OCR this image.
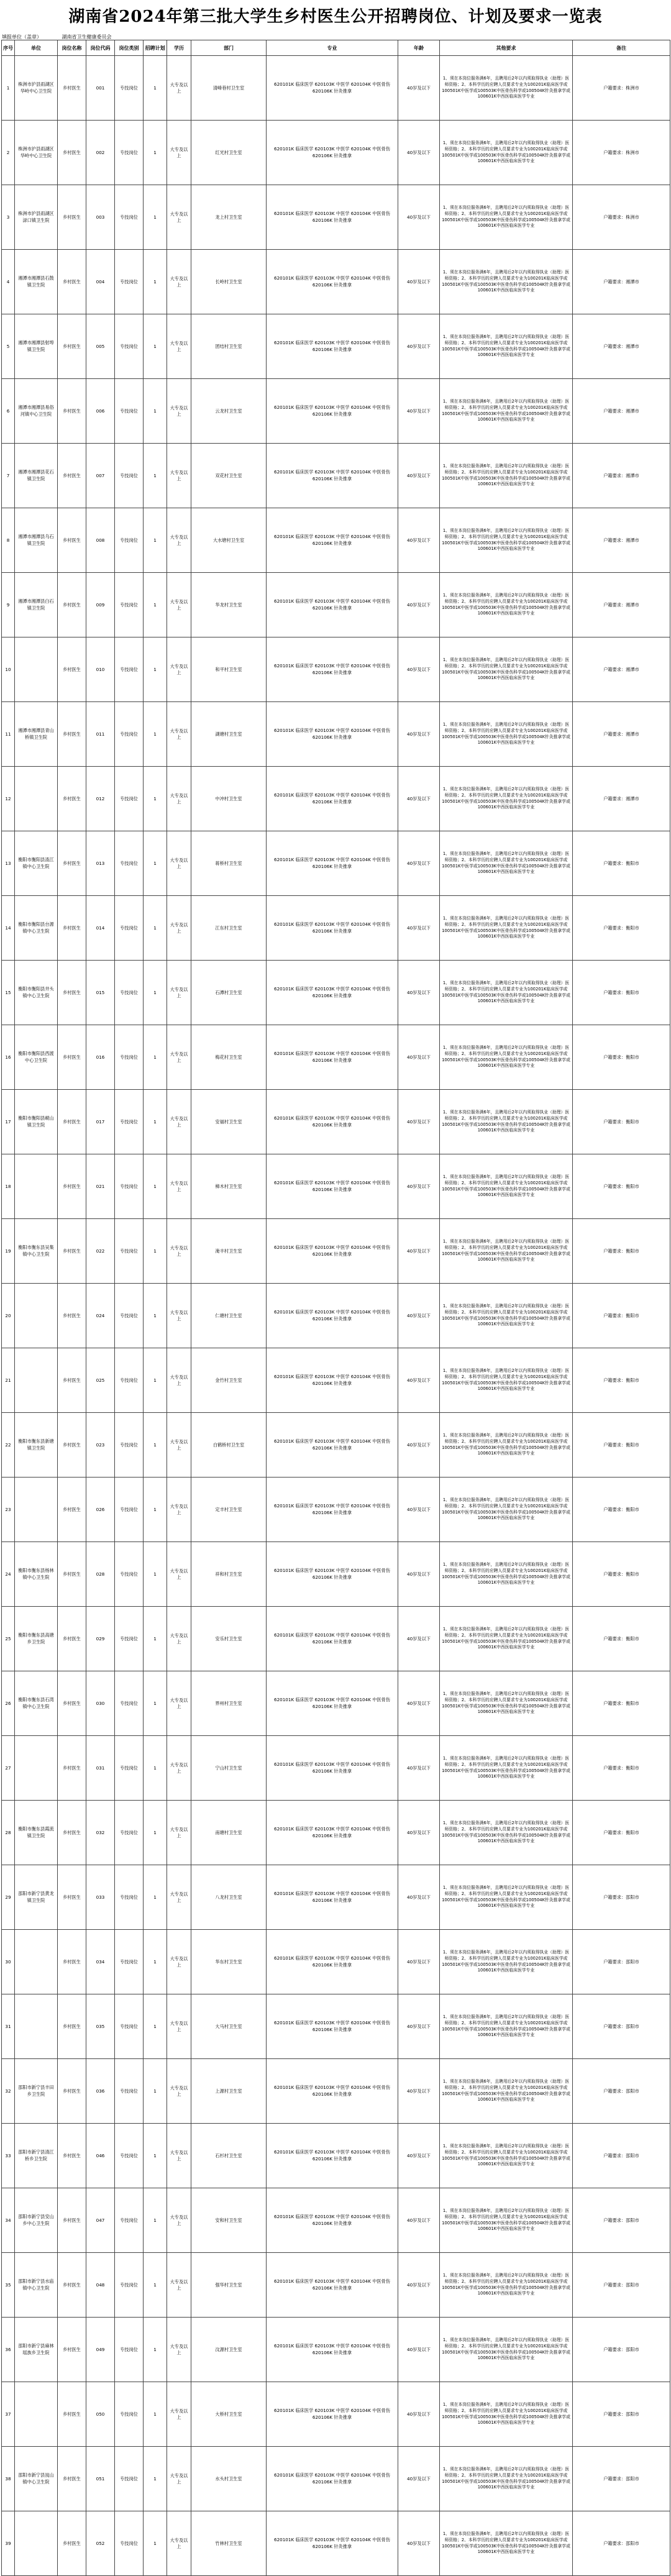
湖南省2024年第三批大学生乡村医生公开招聘岗位、计划及要求一览表
填报单位（盖章）	湖南省卫生健康委员会
序号	单位	岗位名称	岗位代码	岗位类别	招聘计划	学历	部门	专业	年龄	其他要求	备注
1	株洲市沪县雨湖区华岭中心卫生院	乡村医生	001	专技岗位	1	大专及以上	清峰巷村卫生室	620101K 临床医学 620103K 中医学 620104K 中医骨伤 620106K 针灸推拿	40岁及以下	1、须在本岗位服务满6年，且聘用后2年以内须取得执业（助理）医师资格；2、本科学历的应聘人员要求专业为100201K临床医学或100501K中医学或100503K中医骨伤科学或100504K针灸推拿学或100601K中西医临床医学专业	户籍要求：株洲市
2	株洲市沪县雨湖区华岭中心卫生院	乡村医生	002	专技岗位	1	大专及以上	红光村卫生室	620101K 临床医学 620103K 中医学 620104K 中医骨伤 620106K 针灸推拿	40岁及以下	1、须在本岗位服务满6年，且聘用后2年以内须取得执业（助理）医师资格；2、本科学历的应聘人员要求专业为100201K临床医学或100501K中医学或100503K中医骨伤科学或100504K针灸推拿学或100601K中西医临床医学专业	户籍要求：株洲市
3	株洲市沪县雨湖区渌口镇卫生院	乡村医生	003	专技岗位	1	大专及以上	龙上村卫生室	620101K 临床医学 620103K 中医学 620104K 中医骨伤 620106K 针灸推拿	40岁及以下	1、须在本岗位服务满6年，且聘用后2年以内须取得执业（助理）医师资格；2、本科学历的应聘人员要求专业为100201K临床医学或100501K中医学或100503K中医骨伤科学或100504K针灸推拿学或100601K中西医临床医学专业	户籍要求：株洲市
4	湘潭市湘潭县石鼓镇卫生院	乡村医生	004	专技岗位	1	大专及以上	长岭村卫生室	620101K 临床医学 620103K 中医学 620104K 中医骨伤 620106K 针灸推拿	40岁及以下	1、须在本岗位服务满6年，且聘用后2年以内须取得执业（助理）医师资格；2、本科学历的应聘人员要求专业为100201K临床医学或100501K中医学或100503K中医骨伤科学或100504K针灸推拿学或100601K中西医临床医学专业	户籍要求：湘潭市
5	湘潭市湘潭县射埠镇卫生院	乡村医生	005	专技岗位	1	大专及以上	团结村卫生室	620101K 临床医学 620103K 中医学 620104K 中医骨伤 620106K 针灸推拿	40岁及以下	1、须在本岗位服务满6年，且聘用后2年以内须取得执业（助理）医师资格；2、本科学历的应聘人员要求专业为100201K临床医学或100501K中医学或100503K中医骨伤科学或100504K针灸推拿学或100601K中西医临床医学专业	户籍要求：湘潭市
6	湘潭市湘潭县易俗河镇中心卫生院	乡村医生	006	专技岗位	1	大专及以上	云龙村卫生室	620101K 临床医学 620103K 中医学 620104K 中医骨伤 620106K 针灸推拿	40岁及以下	1、须在本岗位服务满6年，且聘用后2年以内须取得执业（助理）医师资格；2、本科学历的应聘人员要求专业为100201K临床医学或100501K中医学或100503K中医骨伤科学或100504K针灸推拿学或100601K中西医临床医学专业	户籍要求：湘潭市
7	湘潭市湘潭县花石镇卫生院	乡村医生	007	专技岗位	1	大专及以上	双花村卫生室	620101K 临床医学 620103K 中医学 620104K 中医骨伤 620106K 针灸推拿	40岁及以下	1、须在本岗位服务满6年，且聘用后2年以内须取得执业（助理）医师资格；2、本科学历的应聘人员要求专业为100201K临床医学或100501K中医学或100503K中医骨伤科学或100504K针灸推拿学或100601K中西医临床医学专业	户籍要求：湘潭市
8	湘潭市湘潭县乌石镇卫生院	乡村医生	008	专技岗位	1	大专及以上	大水塘村卫生室	620101K 临床医学 620103K 中医学 620104K 中医骨伤 620106K 针灸推拿	40岁及以下	1、须在本岗位服务满6年，且聘用后2年以内须取得执业（助理）医师资格；2、本科学历的应聘人员要求专业为100201K临床医学或100501K中医学或100503K中医骨伤科学或100504K针灸推拿学或100601K中西医临床医学专业	户籍要求：湘潭市
9	湘潭市湘潭县白石镇卫生院	乡村医生	009	专技岗位	1	大专及以上	华龙村卫生室	620101K 临床医学 620103K 中医学 620104K 中医骨伤 620106K 针灸推拿	40岁及以下	1、须在本岗位服务满6年，且聘用后2年以内须取得执业（助理）医师资格；2、本科学历的应聘人员要求专业为100201K临床医学或100501K中医学或100503K中医骨伤科学或100504K针灸推拿学或100601K中西医临床医学专业	户籍要求：湘潭市
10		乡村医生	010	专技岗位	1	大专及以上	和平村卫生室	620101K 临床医学 620103K 中医学 620104K 中医骨伤 620106K 针灸推拿	40岁及以下	1、须在本岗位服务满6年，且聘用后2年以内须取得执业（助理）医师资格；2、本科学历的应聘人员要求专业为100201K临床医学或100501K中医学或100503K中医骨伤科学或100504K针灸推拿学或100601K中西医临床医学专业	户籍要求：湘潭市
11	湘潭市湘潭县青山桥镇卫生院	乡村医生	011	专技岗位	1	大专及以上	湖塘村卫生室	620101K 临床医学 620103K 中医学 620104K 中医骨伤 620106K 针灸推拿	40岁及以下	1、须在本岗位服务满6年，且聘用后2年以内须取得执业（助理）医师资格；2、本科学历的应聘人员要求专业为100201K临床医学或100501K中医学或100503K中医骨伤科学或100504K针灸推拿学或100601K中西医临床医学专业	户籍要求：湘潭市
12		乡村医生	012	专技岗位	1	大专及以上	中冲村卫生室	620101K 临床医学 620103K 中医学 620104K 中医骨伤 620106K 针灸推拿	40岁及以下	1、须在本岗位服务满6年，且聘用后2年以内须取得执业（助理）医师资格；2、本科学历的应聘人员要求专业为100201K临床医学或100501K中医学或100503K中医骨伤科学或100504K针灸推拿学或100601K中西医临床医学专业	户籍要求：湘潭市
13	衡阳市衡阳县渣江镇中心卫生院	乡村医生	013	专技岗位	1	大专及以上	蒋桥村卫生室	620101K 临床医学 620103K 中医学 620104K 中医骨伤 620106K 针灸推拿	40岁及以下	1、须在本岗位服务满6年，且聘用后2年以内须取得执业（助理）医师资格；2、本科学历的应聘人员要求专业为100201K临床医学或100501K中医学或100503K中医骨伤科学或100504K针灸推拿学或100601K中西医临床医学专业	户籍要求：衡阳市
14	衡阳市衡阳县台源镇中心卫生院	乡村医生	014	专技岗位	1	大专及以上	江东村卫生室	620101K 临床医学 620103K 中医学 620104K 中医骨伤 620106K 针灸推拿	40岁及以下	1、须在本岗位服务满6年，且聘用后2年以内须取得执业（助理）医师资格；2、本科学历的应聘人员要求专业为100201K临床医学或100501K中医学或100503K中医骨伤科学或100504K针灸推拿学或100601K中西医临床医学专业	户籍要求：衡阳市
15	衡阳市衡阳县井头镇中心卫生院	乡村医生	015	专技岗位	1	大专及以上	石潭村卫生室	620101K 临床医学 620103K 中医学 620104K 中医骨伤 620106K 针灸推拿	40岁及以下	1、须在本岗位服务满6年，且聘用后2年以内须取得执业（助理）医师资格；2、本科学历的应聘人员要求专业为100201K临床医学或100501K中医学或100503K中医骨伤科学或100504K针灸推拿学或100601K中西医临床医学专业	户籍要求：衡阳市
16	衡阳市衡阳县西渡中心卫生院	乡村医生	016	专技岗位	1	大专及以上	梅花村卫生室	620101K 临床医学 620103K 中医学 620104K 中医骨伤 620106K 针灸推拿	40岁及以下	1、须在本岗位服务满6年，且聘用后2年以内须取得执业（助理）医师资格；2、本科学历的应聘人员要求专业为100201K临床医学或100501K中医学或100503K中医骨伤科学或100504K针灸推拿学或100601K中西医临床医学专业	户籍要求：衡阳市
17	衡阳市衡阳县岘山镇卫生院	乡村医生	017	专技岗位	1	大专及以上	安福村卫生室	620101K 临床医学 620103K 中医学 620104K 中医骨伤 620106K 针灸推拿	40岁及以下	1、须在本岗位服务满6年，且聘用后2年以内须取得执业（助理）医师资格；2、本科学历的应聘人员要求专业为100201K临床医学或100501K中医学或100503K中医骨伤科学或100504K针灸推拿学或100601K中西医临床医学专业	户籍要求：衡阳市
18		乡村医生	021	专技岗位	1	大专及以上	樟木村卫生室	620101K 临床医学 620103K 中医学 620104K 中医骨伤 620106K 针灸推拿	40岁及以下	1、须在本岗位服务满6年，且聘用后2年以内须取得执业（助理）医师资格；2、本科学历的应聘人员要求专业为100201K临床医学或100501K中医学或100503K中医骨伤科学或100504K针灸推拿学或100601K中西医临床医学专业	户籍要求：衡阳市
19	衡阳市衡东县吴集镇中心卫生院	乡村医生	022	专技岗位	1	大专及以上	淹丰村卫生室	620101K 临床医学 620103K 中医学 620104K 中医骨伤 620106K 针灸推拿	40岁及以下	1、须在本岗位服务满6年，且聘用后2年以内须取得执业（助理）医师资格；2、本科学历的应聘人员要求专业为100201K临床医学或100501K中医学或100503K中医骨伤科学或100504K针灸推拿学或100601K中西医临床医学专业	户籍要求：衡阳市
20		乡村医生	024	专技岗位	1	大专及以上	仁塘村卫生室	620101K 临床医学 620103K 中医学 620104K 中医骨伤 620106K 针灸推拿	40岁及以下	1、须在本岗位服务满6年，且聘用后2年以内须取得执业（助理）医师资格；2、本科学历的应聘人员要求专业为100201K临床医学或100501K中医学或100503K中医骨伤科学或100504K针灸推拿学或100601K中西医临床医学专业	户籍要求：衡阳市
21		乡村医生	025	专技岗位	1	大专及以上	金竹村卫生室	620101K 临床医学 620103K 中医学 620104K 中医骨伤 620106K 针灸推拿	40岁及以下	1、须在本岗位服务满6年，且聘用后2年以内须取得执业（助理）医师资格；2、本科学历的应聘人员要求专业为100201K临床医学或100501K中医学或100503K中医骨伤科学或100504K针灸推拿学或100601K中西医临床医学专业	户籍要求：衡阳市
22	衡阳市衡东县新塘镇卫生院	乡村医生	023	专技岗位	1	大专及以上	白鹤桥村卫生室	620101K 临床医学 620103K 中医学 620104K 中医骨伤 620106K 针灸推拿	40岁及以下	1、须在本岗位服务满6年，且聘用后2年以内须取得执业（助理）医师资格；2、本科学历的应聘人员要求专业为100201K临床医学或100501K中医学或100503K中医骨伤科学或100504K针灸推拿学或100601K中西医临床医学专业	户籍要求：衡阳市
23		乡村医生	026	专技岗位	1	大专及以上	定丰村卫生室	620101K 临床医学 620103K 中医学 620104K 中医骨伤 620106K 针灸推拿	40岁及以下	1、须在本岗位服务满6年，且聘用后2年以内须取得执业（助理）医师资格；2、本科学历的应聘人员要求专业为100201K临床医学或100501K中医学或100503K中医骨伤科学或100504K针灸推拿学或100601K中西医临床医学专业	户籍要求：衡阳市
24	衡阳市衡东县杨林镇中心卫生院	乡村医生	028	专技岗位	1	大专及以上	祥和村卫生室	620101K 临床医学 620103K 中医学 620104K 中医骨伤 620106K 针灸推拿	40岁及以下	1、须在本岗位服务满6年，且聘用后2年以内须取得执业（助理）医师资格；2、本科学历的应聘人员要求专业为100201K临床医学或100501K中医学或100503K中医骨伤科学或100504K针灸推拿学或100601K中西医临床医学专业	户籍要求：衡阳市
25	衡阳市衡东县高塘乡卫生院	乡村医生	029	专技岗位	1	大专及以上	安乐村卫生室	620101K 临床医学 620103K 中医学 620104K 中医骨伤 620106K 针灸推拿	40岁及以下	1、须在本岗位服务满6年，且聘用后2年以内须取得执业（助理）医师资格；2、本科学历的应聘人员要求专业为100201K临床医学或100501K中医学或100503K中医骨伤科学或100504K针灸推拿学或100601K中西医临床医学专业	户籍要求：衡阳市
26	衡阳市衡东县石湾镇中心卫生院	乡村医生	030	专技岗位	1	大专及以上	界州村卫生室	620101K 临床医学 620103K 中医学 620104K 中医骨伤 620106K 针灸推拿	40岁及以下	1、须在本岗位服务满6年，且聘用后2年以内须取得执业（助理）医师资格；2、本科学历的应聘人员要求专业为100201K临床医学或100501K中医学或100503K中医骨伤科学或100504K针灸推拿学或100601K中西医临床医学专业	户籍要求：衡阳市
27		乡村医生	031	专技岗位	1	大专及以上	宁山村卫生室	620101K 临床医学 620103K 中医学 620104K 中医骨伤 620106K 针灸推拿	40岁及以下	1、须在本岗位服务满6年，且聘用后2年以内须取得执业（助理）医师资格；2、本科学历的应聘人员要求专业为100201K临床医学或100501K中医学或100503K中医骨伤科学或100504K针灸推拿学或100601K中西医临床医学专业	户籍要求：衡阳市
28	衡阳市衡东县霞流镇卫生院	乡村医生	032	专技岗位	1	大专及以上	南塘村卫生室	620101K 临床医学 620103K 中医学 620104K 中医骨伤 620106K 针灸推拿	40岁及以下	1、须在本岗位服务满6年，且聘用后2年以内须取得执业（助理）医师资格；2、本科学历的应聘人员要求专业为100201K临床医学或100501K中医学或100503K中医骨伤科学或100504K针灸推拿学或100601K中西医临床医学专业	户籍要求：衡阳市
29	邵阳市新宁县黄龙镇卫生院	乡村医生	033	专技岗位	1	大专及以上	八龙村卫生室	620101K 临床医学 620103K 中医学 620104K 中医骨伤 620106K 针灸推拿	40岁及以下	1、须在本岗位服务满6年，且聘用后2年以内须取得执业（助理）医师资格；2、本科学历的应聘人员要求专业为100201K临床医学或100501K中医学或100503K中医骨伤科学或100504K针灸推拿学或100601K中西医临床医学专业	户籍要求：邵阳市
30		乡村医生	034	专技岗位	1	大专及以上	华东村卫生室	620101K 临床医学 620103K 中医学 620104K 中医骨伤 620106K 针灸推拿	40岁及以下	1、须在本岗位服务满6年，且聘用后2年以内须取得执业（助理）医师资格；2、本科学历的应聘人员要求专业为100201K临床医学或100501K中医学或100503K中医骨伤科学或100504K针灸推拿学或100601K中西医临床医学专业	户籍要求：邵阳市
31		乡村医生	035	专技岗位	1	大专及以上	大马村卫生室	620101K 临床医学 620103K 中医学 620104K 中医骨伤 620106K 针灸推拿	40岁及以下	1、须在本岗位服务满6年，且聘用后2年以内须取得执业（助理）医师资格；2、本科学历的应聘人员要求专业为100201K临床医学或100501K中医学或100503K中医骨伤科学或100504K针灸推拿学或100601K中西医临床医学专业	户籍要求：邵阳市
32	邵阳市新宁县丰田乡卫生院	乡村医生	036	专技岗位	1	大专及以上	上源村卫生室	620101K 临床医学 620103K 中医学 620104K 中医骨伤 620106K 针灸推拿	40岁及以下	1、须在本岗位服务满6年，且聘用后2年以内须取得执业（助理）医师资格；2、本科学历的应聘人员要求专业为100201K临床医学或100501K中医学或100503K中医骨伤科学或100504K针灸推拿学或100601K中西医临床医学专业	户籍要求：邵阳市
33	邵阳市新宁县清江桥乡卫生院	乡村医生	046	专技岗位	1	大专及以上	石杉村卫生室	620101K 临床医学 620103K 中医学 620104K 中医骨伤 620106K 针灸推拿	40岁及以下	1、须在本岗位服务满6年，且聘用后2年以内须取得执业（助理）医师资格；2、本科学历的应聘人员要求专业为100201K临床医学或100501K中医学或100503K中医骨伤科学或100504K针灸推拿学或100601K中西医临床医学专业	户籍要求：邵阳市
34	邵阳市新宁县安山乡中心卫生院	乡村医生	047	专技岗位	1	大专及以上	安和村卫生室	620101K 临床医学 620103K 中医学 620104K 中医骨伤 620106K 针灸推拿	40岁及以下	1、须在本岗位服务满6年，且聘用后2年以内须取得执业（助理）医师资格；2、本科学历的应聘人员要求专业为100201K临床医学或100501K中医学或100503K中医骨伤科学或100504K针灸推拿学或100601K中西医临床医学专业	户籍要求：邵阳市
35	邵阳市新宁县水庙镇中心卫生院	乡村医生	048	专技岗位	1	大专及以上	强华村卫生室	620101K 临床医学 620103K 中医学 620104K 中医骨伤 620106K 针灸推拿	40岁及以下	1、须在本岗位服务满6年，且聘用后2年以内须取得执业（助理）医师资格；2、本科学历的应聘人员要求专业为100201K临床医学或100501K中医学或100503K中医骨伤科学或100504K针灸推拿学或100601K中西医临床医学专业	户籍要求：邵阳市
36	邵阳市新宁县麻林瑶族乡卫生院	乡村医生	049	专技岗位	1	大专及以上	汶源村卫生室	620101K 临床医学 620103K 中医学 620104K 中医骨伤 620106K 针灸推拿	40岁及以下	1、须在本岗位服务满6年，且聘用后2年以内须取得执业（助理）医师资格；2、本科学历的应聘人员要求专业为100201K临床医学或100501K中医学或100503K中医骨伤科学或100504K针灸推拿学或100601K中西医临床医学专业	户籍要求：邵阳市
37		乡村医生	050	专技岗位	1	大专及以上	大桥村卫生室	620101K 临床医学 620103K 中医学 620104K 中医骨伤 620106K 针灸推拿	40岁及以下	1、须在本岗位服务满6年，且聘用后2年以内须取得执业（助理）医师资格；2、本科学历的应聘人员要求专业为100201K临床医学或100501K中医学或100503K中医骨伤科学或100504K针灸推拿学或100601K中西医临床医学专业	户籍要求：邵阳市
38	邵阳市新宁县崀山镇中心卫生院	乡村医生	051	专技岗位	1	大专及以上	水头村卫生室	620101K 临床医学 620103K 中医学 620104K 中医骨伤 620106K 针灸推拿	40岁及以下	1、须在本岗位服务满6年，且聘用后2年以内须取得执业（助理）医师资格；2、本科学历的应聘人员要求专业为100201K临床医学或100501K中医学或100503K中医骨伤科学或100504K针灸推拿学或100601K中西医临床医学专业	户籍要求：邵阳市
39		乡村医生	052	专技岗位	1	大专及以上	竹林村卫生室	620101K 临床医学 620103K 中医学 620104K 中医骨伤 620106K 针灸推拿	40岁及以下	1、须在本岗位服务满6年，且聘用后2年以内须取得执业（助理）医师资格；2、本科学历的应聘人员要求专业为100201K临床医学或100501K中医学或100503K中医骨伤科学或100504K针灸推拿学或100601K中西医临床医学专业	户籍要求：邵阳市
